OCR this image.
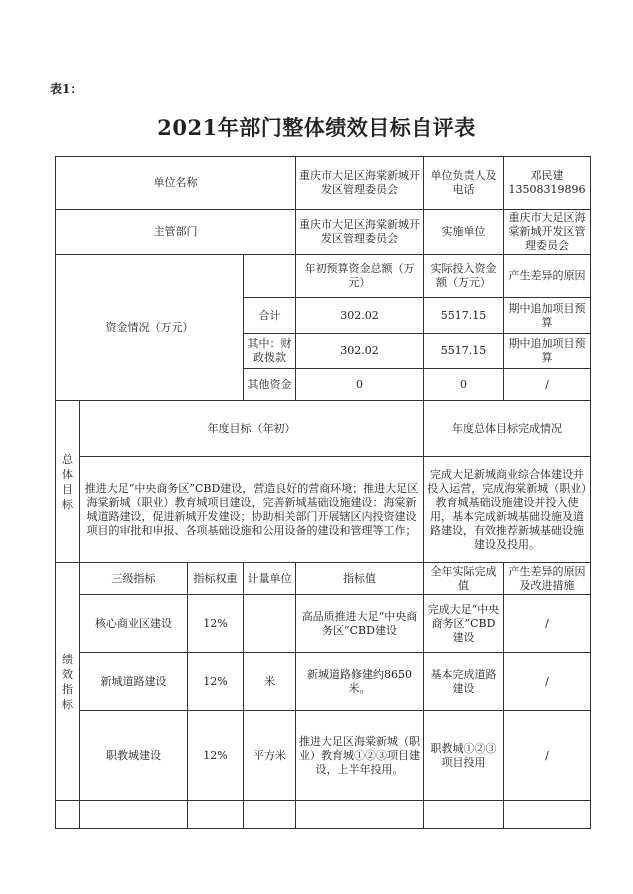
表1：
2021年部门整体绩效目标自评表
单位名称				重庆市大足区海棠新城开发区管理委员会	单位负责人及电话	邓民建
13508319896

主管部门				重庆市大足区海棠新城开发区管理委员会	实施单位	重庆市大足区海棠新城开发区管理委员会
资金情况（万元）				年初预算资金总额（万元）	实际投入资金额（万元）	产生差异的原因
			合计	302.02	5517.15	期中追加项目预算
			其中：财政拨款	302.02	5517.15	期中追加项目预算
			其他资金	0	0	/
总体目标	年度目标（年初）				年度总体目标完成情况	
	推进大足“中央商务区”CBD建设，营造良好的营商环境；推进大足区海棠新城（职业）教育城项目建设，完善新城基础设施建设：海棠新城道路建设，促进新城开发建设；协助相关部门开展辖区内投资建设项目的审批和申报、各项基础设施和公用设备的建设和管理等工作；				完成大足新城商业综合体建设并投入运营，完成海棠新城（职业）教育城基础设施建设并投入使用，基本完成新城基础设施及道路建设，有效推荐新城基础设施建设及投用。	
绩效指标	三级指标	指标权重	计量单位	指标值	全年实际完成值	产生差异的原因及改进措施
	核心商业区建设	12%		高品质推进大足“中央商务区”CBD建设	完成大足“中央商务区”CBD建设	/
	新城道路建设	12%	米	新城道路修建约8650米。	基本完成道路建设	/
	职教城建设	12%	平方米	推进大足区海棠新城（职业）教育城①②③项目建设，上半年投用。	职教城①②③项目投用	/
